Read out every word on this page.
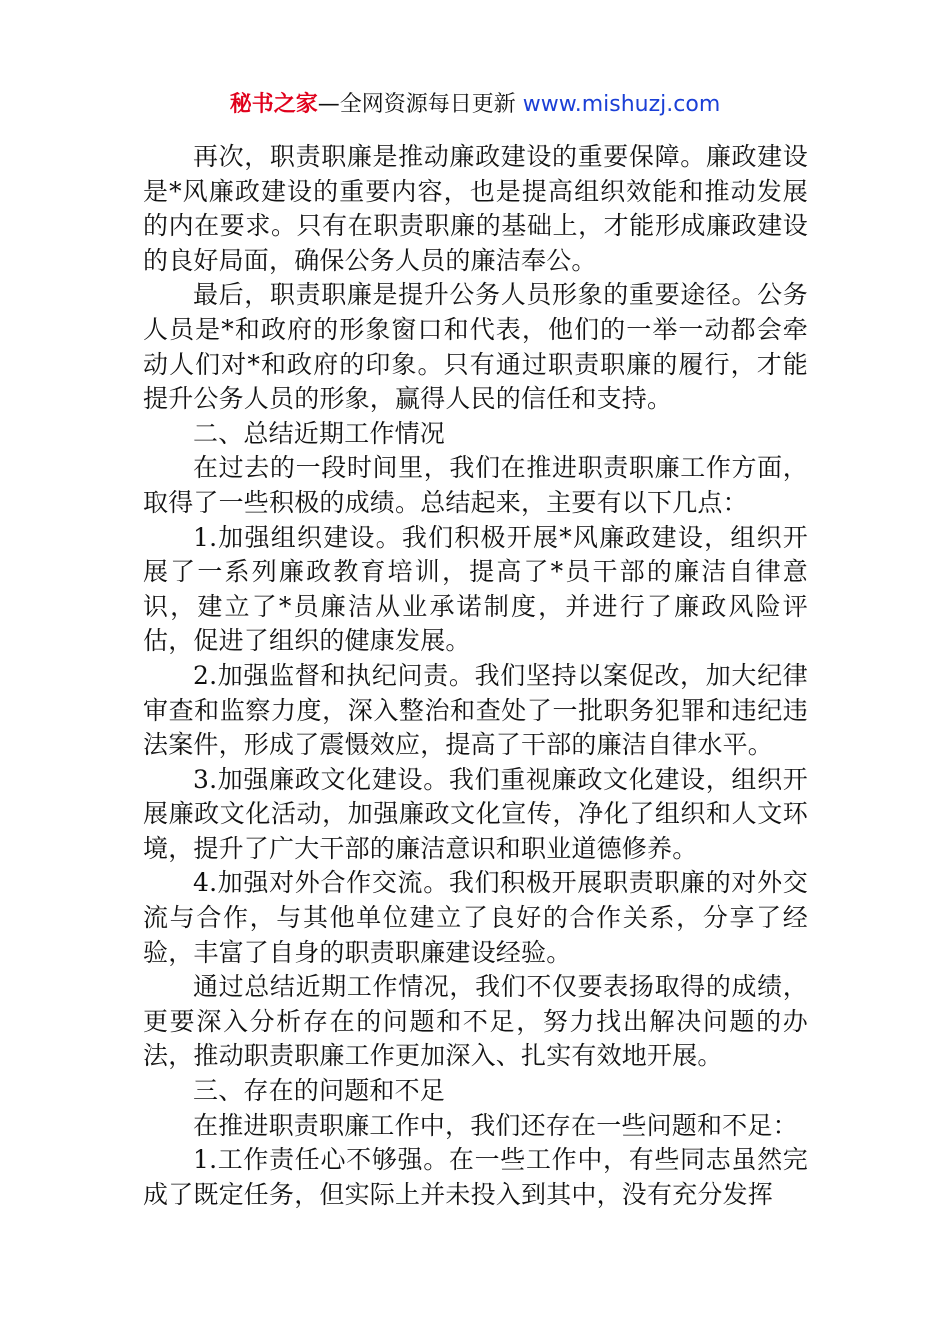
秘书之家—全网资源每日更新 www.mishuzj.com

再次，职责职廉是推动廉政建设的重要保障。廉政建设是*风廉政建设的重要内容，也是提高组织效能和推动发展的内在要求。只有在职责职廉的基础上，才能形成廉政建设的良好局面，确保公务人员的廉洁奉公。

最后，职责职廉是提升公务人员形象的重要途径。公务人员是*和政府的形象窗口和代表，他们的一举一动都会牵动人们对*和政府的印象。只有通过职责职廉的履行，才能提升公务人员的形象，赢得人民的信任和支持。

二、总结近期工作情况

在过去的一段时间里，我们在推进职责职廉工作方面，取得了一些积极的成绩。总结起来，主要有以下几点：

1.加强组织建设。我们积极开展*风廉政建设，组织开展了一系列廉政教育培训，提高了*员干部的廉洁自律意识，建立了*员廉洁从业承诺制度，并进行了廉政风险评估，促进了组织的健康发展。

2.加强监督和执纪问责。我们坚持以案促改，加大纪律审查和监察力度，深入整治和查处了一批职务犯罪和违纪违法案件，形成了震慑效应，提高了干部的廉洁自律水平。

3.加强廉政文化建设。我们重视廉政文化建设，组织开展廉政文化活动，加强廉政文化宣传，净化了组织和人文环境，提升了广大干部的廉洁意识和职业道德修养。

4.加强对外合作交流。我们积极开展职责职廉的对外交流与合作，与其他单位建立了良好的合作关系，分享了经验，丰富了自身的职责职廉建设经验。

通过总结近期工作情况，我们不仅要表扬取得的成绩，更要深入分析存在的问题和不足，努力找出解决问题的办法，推动职责职廉工作更加深入、扎实有效地开展。

三、存在的问题和不足

在推进职责职廉工作中，我们还存在一些问题和不足：

1.工作责任心不够强。在一些工作中，有些同志虽然完成了既定任务，但实际上并未投入到其中，没有充分发挥
